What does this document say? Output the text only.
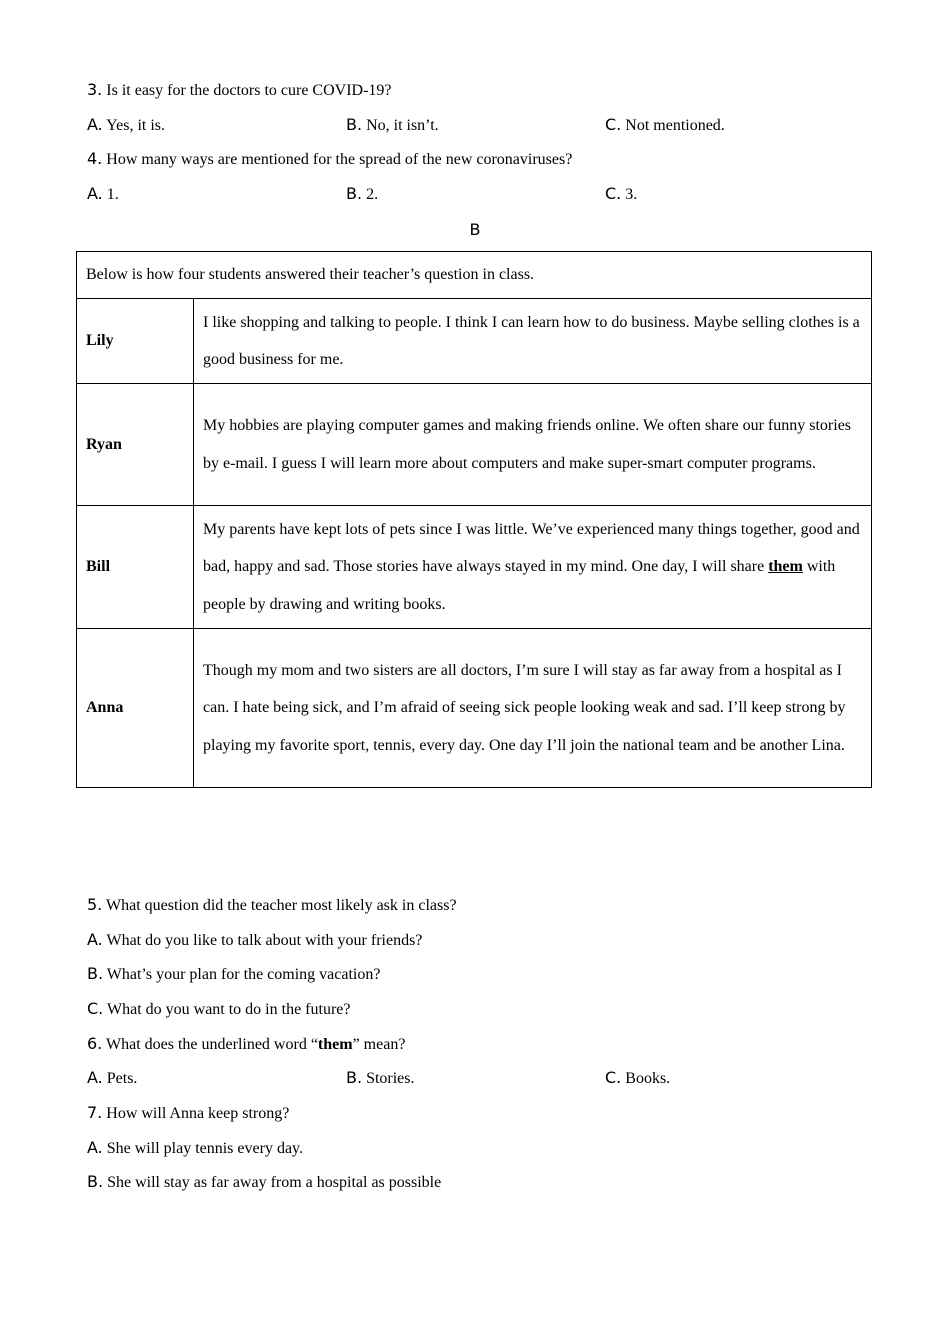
3. Is it easy for the doctors to cure COVID-19?
A. Yes, it is.	B. No, it isn’t.	C. Not mentioned.
4. How many ways are mentioned for the spread of the new coronaviruses?
A. 1.	B. 2.	C. 3.
B
Below is how four students answered their teacher’s question in class.	
Lily	I like shopping and talking to people. I think I can learn how to do business. Maybe selling clothes is a good business for me.
Ryan	My hobbies are playing computer games and making friends online. We often share our funny stories by e-mail. I guess I will learn more about computers and make super-smart computer programs.
Bill	My parents have kept lots of pets since I was little. We’ve experienced many things together, good and bad, happy and sad. Those stories have always stayed in my mind. One day, I will share them with people by drawing and writing books.
Anna	Though my mom and two sisters are all doctors, I’m sure I will stay as far away from a hospital as I can. I hate being sick, and I’m afraid of seeing sick people looking weak and sad. I’ll keep strong by playing my favorite sport, tennis, every day. One day I’ll join the national team and be another Lina.
5. What question did the teacher most likely ask in class?
A. What do you like to talk about with your friends?
B. What’s your plan for the coming vacation?
C. What do you want to do in the future?
6. What does the underlined word “them” mean?
A. Pets.	B. Stories.	C. Books.
7. How will Anna keep strong?
A. She will play tennis every day.
B. She will stay as far away from a hospital as possible
